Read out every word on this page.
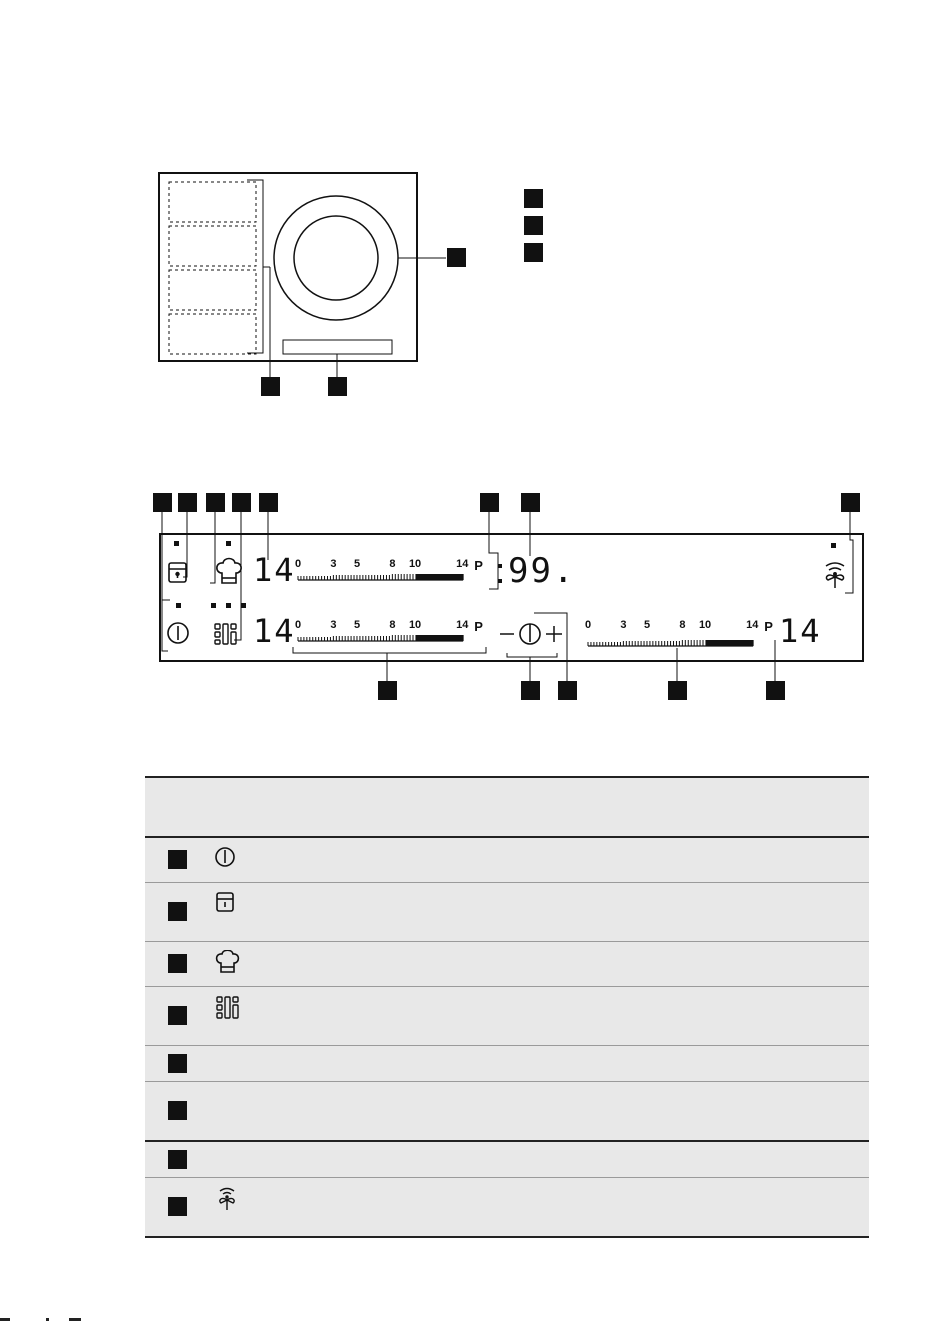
14
14	14
99.
0	3 5	8 10	14 P
0	3 5	8 10	14 P	0	3 5	8 10	14 P
